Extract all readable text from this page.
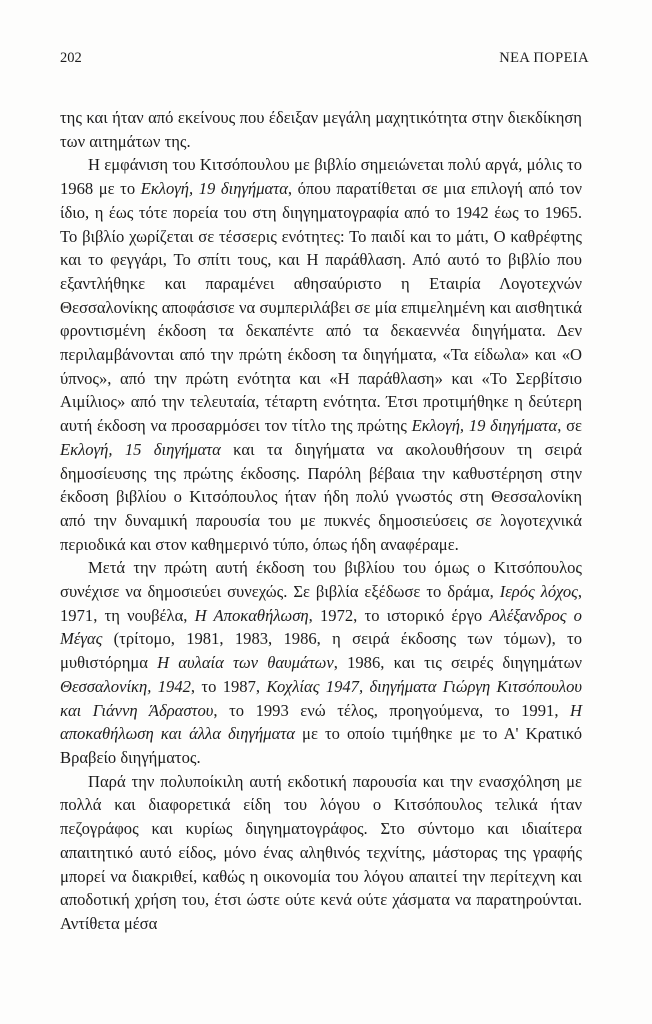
202	ΝΕΑ ΠΟΡΕΙΑ

της και ήταν από εκείνους που έδειξαν μεγάλη μαχητικότητα στην διεκδίκηση των αιτημάτων της.

Η εμφάνιση του Κιτσόπουλου με βιβλίο σημειώνεται πολύ αργά, μόλις το 1968 με το Εκλογή, 19 διηγήματα, όπου παρατίθεται σε μια επιλογή από τον ίδιο, η έως τότε πορεία του στη διηγηματογραφία από το 1942 έως το 1965. Το βιβλίο χωρίζεται σε τέσσερις ενότητες: Το παιδί και το μάτι, Ο καθρέφτης και το φεγγάρι, Το σπίτι τους, και Η παράθλαση. Από αυτό το βιβλίο που εξαντλήθηκε και παραμένει αθησαύριστο η Εταιρία Λογοτεχνών Θεσσαλονίκης αποφάσισε να συμπεριλάβει σε μία επιμελημένη και αισθητικά φροντισμένη έκδοση τα δεκαπέντε από τα δεκαεννέα διηγήματα. Δεν περιλαμβάνονται από την πρώτη έκδοση τα διηγήματα, «Τα είδωλα» και «Ο ύπνος», από την πρώτη ενότητα και «Η παράθλαση» και «Το Σερβίτσιο Αιμίλιος» από την τελευταία, τέταρτη ενότητα. Έτσι προτιμήθηκε η δεύτερη αυτή έκδοση να προσαρμόσει τον τίτλο της πρώτης Εκλογή, 19 διηγήματα, σε Εκλογή, 15 διηγήματα και τα διηγήματα να ακολουθήσουν τη σειρά δημοσίευσης της πρώτης έκδοσης. Παρόλη βέβαια την καθυστέρηση στην έκδοση βιβλίου ο Κιτσόπουλος ήταν ήδη πολύ γνωστός στη Θεσσαλονίκη από την δυναμική παρουσία του με πυκνές δημοσιεύσεις σε λογοτεχνικά περιοδικά και στον καθημερινό τύπο, όπως ήδη αναφέραμε.

Μετά την πρώτη αυτή έκδοση του βιβλίου του όμως ο Κιτσόπουλος συνέχισε να δημοσιεύει συνεχώς. Σε βιβλία εξέδωσε το δράμα, Ιερός λόχος, 1971, τη νουβέλα, Η Αποκαθήλωση, 1972, το ιστορικό έργο Αλέξανδρος ο Μέγας (τρίτομο, 1981, 1983, 1986, η σειρά έκδοσης των τόμων), το μυθιστόρημα Η αυλαία των θαυμάτων, 1986, και τις σειρές διηγημάτων Θεσσαλονίκη, 1942, το 1987, Κοχλίας 1947, διηγήματα Γιώργη Κιτσόπουλου και Γιάννη Άδραστου, το 1993 ενώ τέλος, προηγούμενα, το 1991, Η αποκαθήλωση και άλλα διηγήματα με το οποίο τιμήθηκε με το Α' Κρατικό Βραβείο διηγήματος.

Παρά την πολυποίκιλη αυτή εκδοτική παρουσία και την ενασχόληση με πολλά και διαφορετικά είδη του λόγου ο Κιτσόπουλος τελικά ήταν πεζογράφος και κυρίως διηγηματογράφος. Στο σύντομο και ιδιαίτερα απαιτητικό αυτό είδος, μόνο ένας αληθινός τεχνίτης, μάστορας της γραφής μπορεί να διακριθεί, καθώς η οικονομία του λόγου απαιτεί την περίτεχνη και αποδοτική χρήση του, έτσι ώστε ούτε κενά ούτε χάσματα να παρατηρούνται. Αντίθετα μέσα
